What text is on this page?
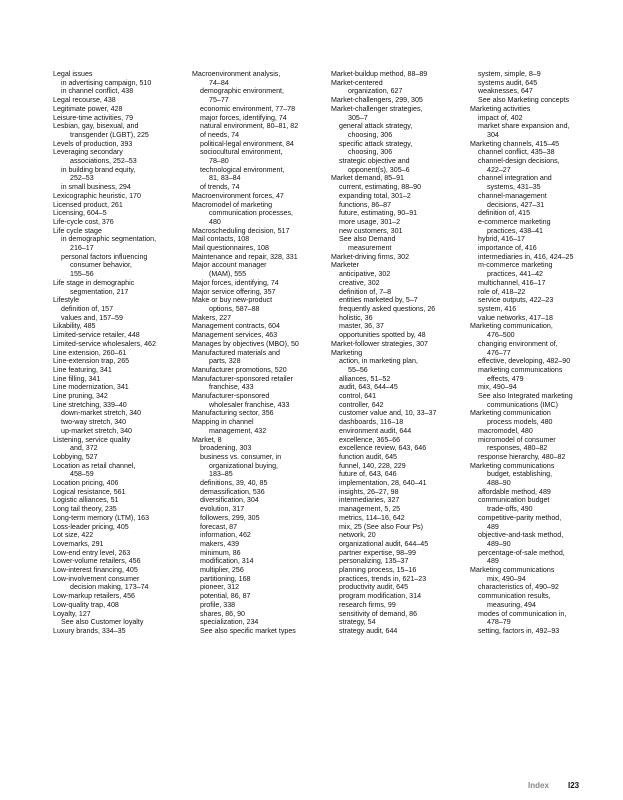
Legal issues
in advertising campaign, 510
in channel conflict, 438
Legal recourse, 438
Legitimate power, 428
Leisure-time activities, 79
Lesbian, gay, bisexual, and
transgender (LGBT), 225
Levels of production, 393
Leveraging secondary
associations, 252–53
in building brand equity,
252–53
in small business, 294
Lexicographic heuristic, 170
Licensed product, 261
Licensing, 604–5
Life-cycle cost, 376
Life cycle stage
in demographic segmentation,
216–17
personal factors influencing
consumer behavior,
155–56
Life stage in demographic
segmentation, 217
Lifestyle
definition of, 157
values and, 157–59
Likability, 485
Limited-service retailer, 448
Limited-service wholesalers, 462
Line extension, 260–61
Line-extension trap, 265
Line featuring, 341
Line filling, 341
Line modernization, 341
Line pruning, 342
Line stretching, 339–40
down-market stretch, 340
two-way stretch, 340
up-market stretch, 340
Listening, service quality
and, 372
Lobbying, 527
Location as retail channel,
458–59
Location pricing, 406
Logical resistance, 561
Logistic alliances, 51
Long tail theory, 235
Long-term memory (LTM), 163
Loss-leader pricing, 405
Lot size, 422
Lovemarks, 291
Low-end entry level, 263
Lower-volume retailers, 456
Low-interest financing, 405
Low-involvement consumer
decision making, 173–74
Low-markup retailers, 456
Low-quality trap, 408
Loyalty, 127
See also Customer loyalty
Luxury brands, 334–35
Macroenvironment analysis,
74–84
demographic environment,
75–77
economic environment, 77–78
major forces, identifying, 74
natural environment, 80–81, 82
of needs, 74
political-legal environment, 84
sociocultural environment,
78–80
technological environment,
81, 83–84
of trends, 74
Macroenvironment forces, 47
Macromodel of marketing
communication processes,
480
Macroscheduling decision, 517
Mail contacts, 108
Mail questionnaires, 108
Maintenance and repair, 328, 331
Major account manager
(MAM), 555
Major forces, identifying, 74
Major service offering, 357
Make or buy new-product
options, 587–88
Makers, 227
Management contracts, 604
Management services, 463
Manages by objectives (MBO), 50
Manufactured materials and
parts, 328
Manufacturer promotions, 520
Manufacturer-sponsored retailer
franchise, 433
Manufacturer-sponsored
wholesaler franchise, 433
Manufacturing sector, 356
Mapping in channel
management, 432
Market, 8
broadening, 303
business vs. consumer, in
organizational buying,
183–85
definitions, 39, 40, 85
demassification, 536
diversification, 304
evolution, 317
followers, 299, 305
forecast, 87
information, 462
makers, 439
minimum, 86
modification, 314
multiplier, 256
partitioning, 168
pioneer, 312
potential, 86, 87
profile, 338
shares, 86, 90
specialization, 234
See also specific market types
Market-buildup method, 88–89
Market-centered
organization, 627
Market-challengers, 299, 305
Market-challenger strategies,
305–7
general attack strategy,
choosing, 306
specific attack strategy,
choosing, 306
strategic objective and
opponent(s), 305–6
Market demand, 85–91
current, estimating, 88–90
expanding total, 301–2
functions, 86–87
future, estimating, 90–91
more usage, 301–2
new customers, 301
See also Demand
measurement
Market-driving firms, 302
Marketer
anticipative, 302
creative, 302
definition of, 7–8
entities marketed by, 5–7
frequently asked questions, 26
holistic, 36
master, 36, 37
opportunities spotted by, 48
Market-follower strategies, 307
Marketing
action, in marketing plan,
55–56
alliances, 51–52
audit, 643, 644–45
control, 641
controller, 642
customer value and, 10, 33–37
dashboards, 116–18
environment audit, 644
excellence, 365–66
excellence review, 643, 646
function audit, 645
funnel, 140, 228, 229
future of, 643, 646
implementation, 28, 640–41
insights, 26–27, 98
intermediaries, 327
management, 5, 25
metrics, 114–16, 642
mix, 25 (See also Four Ps)
network, 20
organizational audit, 644–45
partner expertise, 98–99
personalizing, 135–37
planning process, 15–16
practices, trends in, 621–23
productivity audit, 645
program modification, 314
research firms, 99
sensitivity of demand, 86
strategy, 54
strategy audit, 644
system, simple, 8–9
systems audit, 645
weaknesses, 647
See also Marketing concepts
Marketing activities
impact of, 402
market share expansion and,
304
Marketing channels, 415–45
channel conflict, 435–38
channel-design decisions,
422–27
channel integration and
systems, 431–35
channel-management
decisions, 427–31
definition of, 415
e-commerce marketing
practices, 438–41
hybrid, 416–17
importance of, 416
intermediaries in, 416, 424–25
m-commerce marketing
practices, 441–42
multichannel, 416–17
role of, 418–22
service outputs, 422–23
system, 416
value networks, 417–18
Marketing communication,
476–500
changing environment of,
476–77
effective, developing, 482–90
marketing communications
effects, 479
mix, 490–94
See also Integrated marketing
communications (IMC)
Marketing communication
process models, 480
macromodel, 480
micromodel of consumer
responses, 480–82
response hierarchy, 480–82
Marketing communications
budget, establishing,
488–90
affordable method, 489
communication budget
trade-offs, 490
competitive-parity method,
489
objective-and-task method,
489–90
percentage-of-sale method,
489
Marketing communications
mix, 490–94
characteristics of, 490–92
communication results,
measuring, 494
modes of communication in,
478–79
setting, factors in, 492–93
Index I23
